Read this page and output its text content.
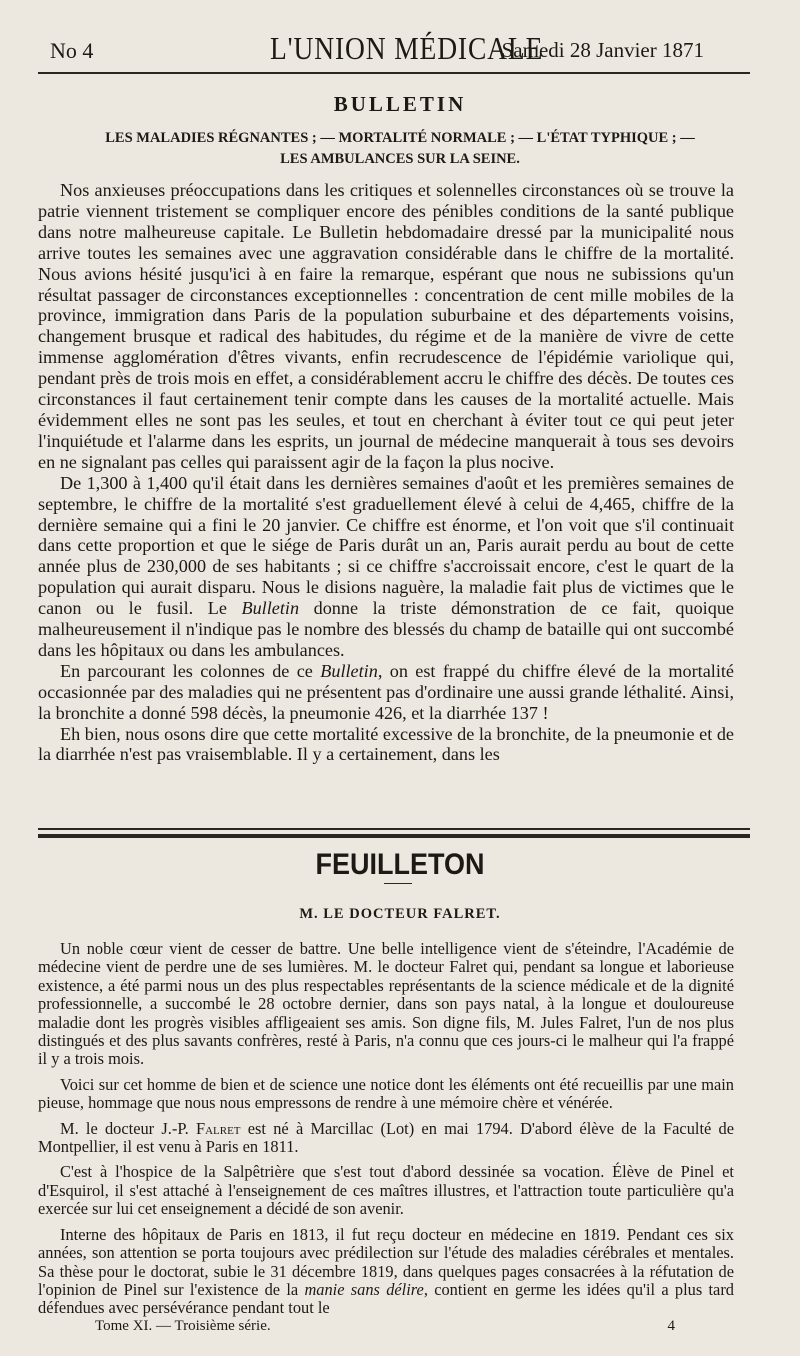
No 4	L'UNION MÉDICALE
Samedi 28 Janvier 1871
BULLETIN
LES MALADIES RÉGNANTES ; — MORTALITÉ NORMALE ; — L'ÉTAT TYPHIQUE ; —
LES AMBULANCES SUR LA SEINE.

Nos anxieuses préoccupations dans les critiques et solennelles circonstances où se trouve la patrie viennent tristement se compliquer encore des pénibles conditions de la santé publique dans notre malheureuse capitale. Le Bulletin hebdomadaire dressé par la municipalité nous arrive toutes les semaines avec une aggravation considérable dans le chiffre de la mortalité. Nous avions hésité jusqu'ici à en faire la remarque, espérant que nous ne subissions qu'un résultat passager de circonstances exceptionnelles : concentration de cent mille mobiles de la province, immigration dans Paris de la population suburbaine et des départements voisins, changement brusque et radical des habitudes, du régime et de la manière de vivre de cette immense agglomération d'êtres vivants, enfin recrudescence de l'épidémie variolique qui, pendant près de trois mois en effet, a considérablement accru le chiffre des décès. De toutes ces circonstances il faut certainement tenir compte dans les causes de la mortalité actuelle. Mais évidemment elles ne sont pas les seules, et tout en cherchant à éviter tout ce qui peut jeter l'inquiétude et l'alarme dans les esprits, un journal de médecine manquerait à tous ses devoirs en ne signalant pas celles qui paraissent agir de la façon la plus nocive.

De 1,300 à 1,400 qu'il était dans les dernières semaines d'août et les premières semaines de septembre, le chiffre de la mortalité s'est graduellement élevé à celui de 4,465, chiffre de la dernière semaine qui a fini le 20 janvier. Ce chiffre est énorme, et l'on voit que s'il continuait dans cette proportion et que le siége de Paris durât un an, Paris aurait perdu au bout de cette année plus de 230,000 de ses habitants ; si ce chiffre s'accroissait encore, c'est le quart de la population qui aurait disparu. Nous le disions naguère, la maladie fait plus de victimes que le canon ou le fusil. Le Bulletin donne la triste démonstration de ce fait, quoique malheureusement il n'indique pas le nombre des blessés du champ de bataille qui ont succombé dans les hôpitaux ou dans les ambulances.

En parcourant les colonnes de ce Bulletin, on est frappé du chiffre élevé de la mortalité occasionnée par des maladies qui ne présentent pas d'ordinaire une aussi grande léthalité. Ainsi, la bronchite a donné 598 décès, la pneumonie 426, et la diarrhée 137 !

Eh bien, nous osons dire que cette mortalité excessive de la bronchite, de la pneumonie et de la diarrhée n'est pas vraisemblable. Il y a certainement, dans les

FEUILLETON
M. LE DOCTEUR FALRET.

Un noble cœur vient de cesser de battre. Une belle intelligence vient de s'éteindre, l'Académie de médecine vient de perdre une de ses lumières. M. le docteur Falret qui, pendant sa longue et laborieuse existence, a été parmi nous un des plus respectables représentants de la science médicale et de la dignité professionnelle, a succombé le 28 octobre dernier, dans son pays natal, à la longue et douloureuse maladie dont les progrès visibles affligeaient ses amis. Son digne fils, M. Jules Falret, l'un de nos plus distingués et des plus savants confrères, resté à Paris, n'a connu que ces jours-ci le malheur qui l'a frappé il y a trois mois.

Voici sur cet homme de bien et de science une notice dont les éléments ont été recueillis par une main pieuse, hommage que nous nous empressons de rendre à une mémoire chère et vénérée.

M. le docteur J.-P. Falret est né à Marcillac (Lot) en mai 1794. D'abord élève de la Faculté de Montpellier, il est venu à Paris en 1811.

C'est à l'hospice de la Salpêtrière que s'est tout d'abord dessinée sa vocation. Élève de Pinel et d'Esquirol, il s'est attaché à l'enseignement de ces maîtres illustres, et l'attraction toute particulière qu'a exercée sur lui cet enseignement a décidé de son avenir.

Interne des hôpitaux de Paris en 1813, il fut reçu docteur en médecine en 1819. Pendant ces six années, son attention se porta toujours avec prédilection sur l'étude des maladies cérébrales et mentales. Sa thèse pour le doctorat, subie le 31 décembre 1819, dans quelques pages consacrées à la réfutation de l'opinion de Pinel sur l'existence de la manie sans délire, contient en germe les idées qu'il a plus tard défendues avec persévérance pendant tout le

Tome XI. — Troisième série.	4
